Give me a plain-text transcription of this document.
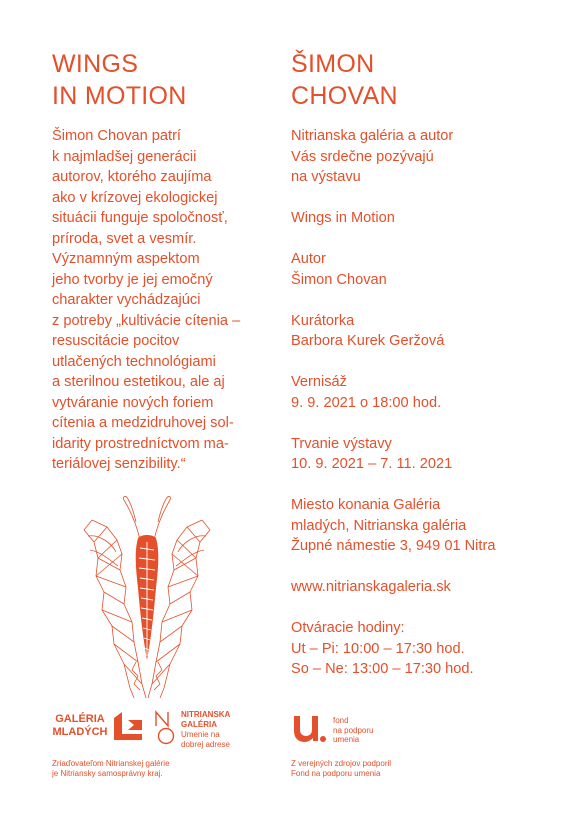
WINGS
IN MOTION
ŠIMON
CHOVAN

Šimon Chovan patrí
k najmladšej generácii
autorov, ktorého zaujíma
ako v krízovej ekologickej
situácii funguje spoločnosť,
príroda, svet a vesmír.
Významným aspektom
jeho tvorby je jej emočný
charakter vychádzajúci
z potreby „kultivácie cítenia –
resuscitácie pocitov
utlačených technológiami
a sterilnou estetikou, ale aj
vytváranie nových foriem
cítenia a medzidruhovej sol-
idarity prostredníctvom ma-
teriálovej senzibility.“

Nitrianska galéria a autor
Vás srdečne pozývajú
na výstavu

Wings in Motion

Autor
Šimon Chovan

Kurátorka
Barbora Kurek Geržová

Vernisáž
9. 9. 2021 o 18:00 hod.

Trvanie výstavy
10. 9. 2021 – 7. 11. 2021

Miesto konania Galéria
mladých, Nitrianska galéria
Župné námestie 3, 949 01 Nitra

www.nitrianskagaleria.sk

Otváracie hodiny:
Ut – Pi: 10:00 – 17:30 hod.
So – Ne: 13:00 – 17:30 hod.

GALÉRIA
MLADÝCH
NITRIANSKA
GALÉRIA
Umenie na
dobrej adrese
fond
na podporu
umenia

Zriaďovateľom Nitrianskej galérie
je Nitriansky samosprávny kraj.

Z verejných zdrojov podporil
Fond na podporu umenia
